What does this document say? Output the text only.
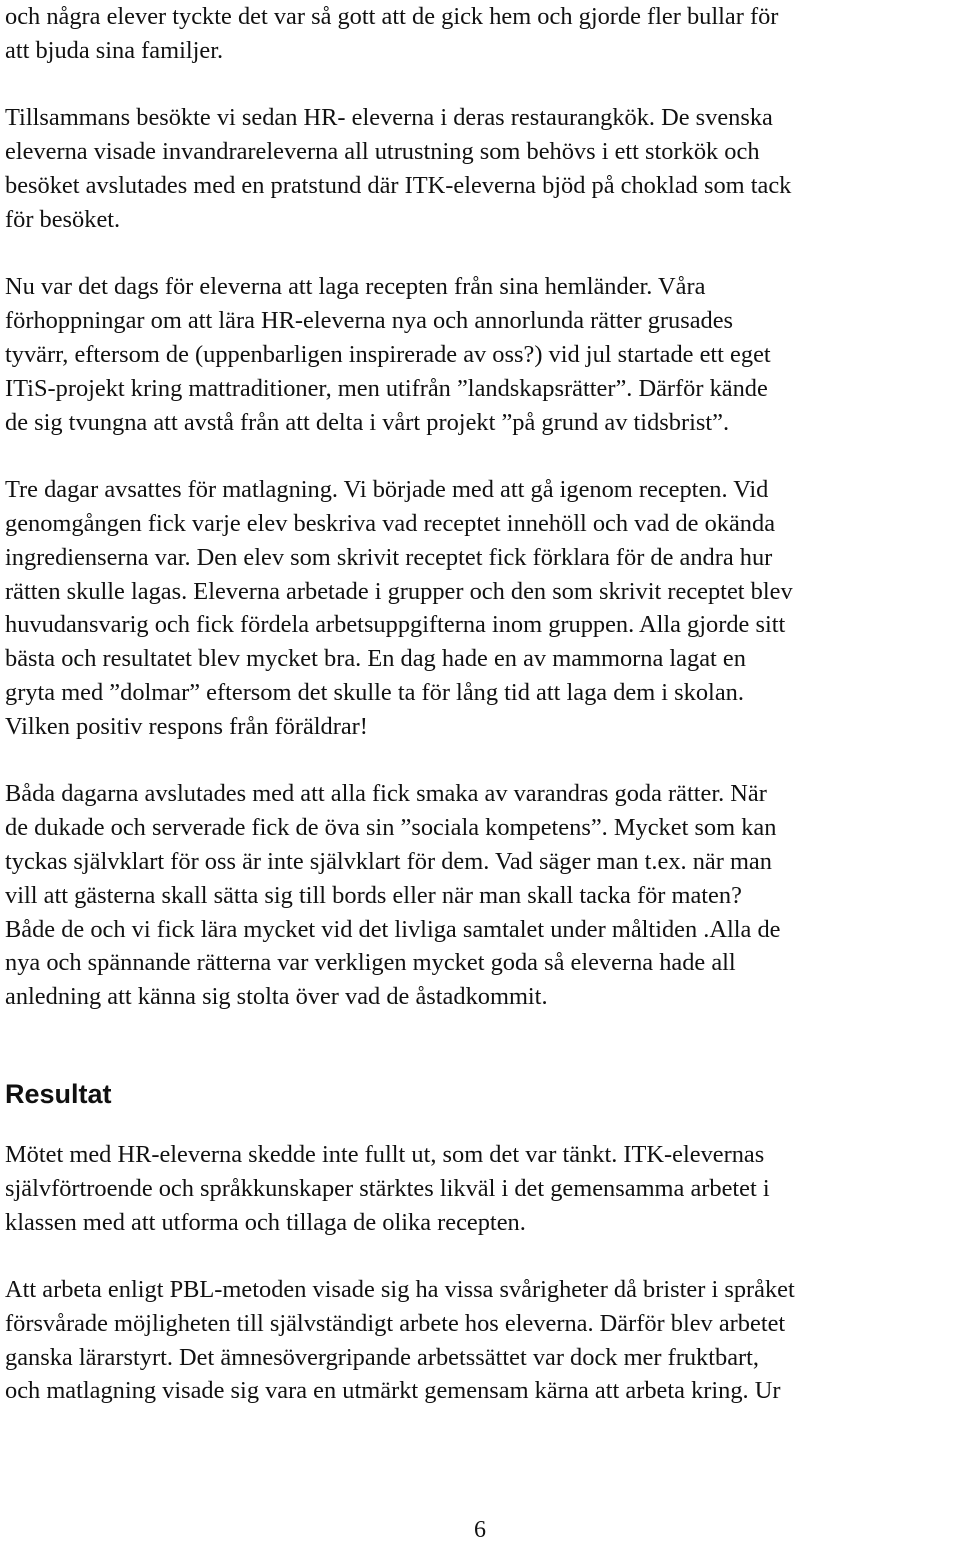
och några elever tyckte det var så gott att de gick hem och gjorde fler bullar för
att bjuda sina familjer.

Tillsammans besökte vi sedan HR- eleverna i deras restaurangkök. De svenska
eleverna visade invandrareleverna all utrustning som behövs i ett storkök och
besöket avslutades med en pratstund där ITK-eleverna bjöd på choklad som tack
för besöket.

Nu var det dags för eleverna att laga recepten från sina hemländer. Våra
förhoppningar om att lära HR-eleverna nya och annorlunda rätter grusades
tyvärr, eftersom de (uppenbarligen inspirerade av oss?) vid jul startade ett eget
ITiS-projekt kring mattraditioner, men utifrån ”landskapsrätter”. Därför kände
de sig tvungna att avstå från att delta i vårt projekt ”på grund av tidsbrist”.

Tre dagar avsattes för matlagning. Vi började med att gå igenom recepten. Vid
genomgången fick varje elev beskriva vad receptet innehöll och vad de okända
ingredienserna var. Den elev som skrivit receptet fick förklara för de andra hur
rätten skulle lagas. Eleverna arbetade i grupper och den som skrivit receptet blev
huvudansvarig och fick fördela arbetsuppgifterna inom gruppen. Alla gjorde sitt
bästa och resultatet blev mycket bra. En dag hade en av mammorna lagat en
gryta med ”dolmar” eftersom det skulle ta för lång tid att laga dem i skolan.
Vilken positiv respons från föräldrar!

Båda dagarna avslutades med att alla fick smaka av varandras goda rätter. När
de dukade och serverade fick de öva sin ”sociala kompetens”. Mycket som kan
tyckas självklart för oss är inte självklart för dem. Vad säger man t.ex. när man
vill att gästerna skall sätta sig till bords eller när man skall tacka för maten?
Både de och vi fick lära mycket vid det livliga samtalet under måltiden .Alla de
nya och spännande rätterna var verkligen mycket goda så eleverna hade all
anledning att känna sig stolta över vad de åstadkommit.

Resultat

Mötet med HR-eleverna skedde inte fullt ut, som det var tänkt. ITK-elevernas
självförtroende och språkkunskaper stärktes likväl i det gemensamma arbetet i
klassen med att utforma och tillaga de olika recepten.

Att arbeta enligt PBL-metoden visade sig ha vissa svårigheter då brister i språket
försvårade möjligheten till självständigt arbete hos eleverna. Därför blev arbetet
ganska lärarstyrt. Det ämnesövergripande arbetssättet var dock mer fruktbart,
och matlagning visade sig vara en utmärkt gemensam kärna att arbeta kring. Ur

6
